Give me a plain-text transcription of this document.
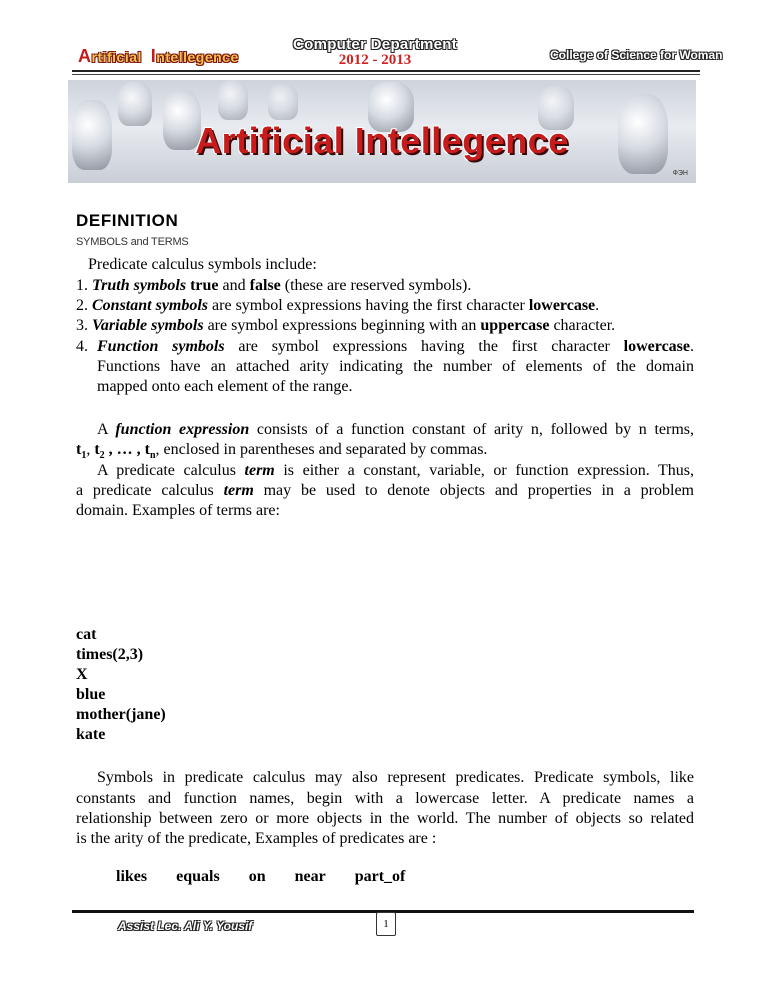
Artificial Intellegence
Computer Department
2012 - 2013	College of Science for Woman
Artificial Intellegence
ФЭН
DEFINITION
SYMBOLS and TERMS
Predicate calculus symbols include:
1. Truth symbols true and false (these are reserved symbols).
2. Constant symbols are symbol expressions having the first character lowercase.
3. Variable symbols are symbol expressions beginning with an uppercase character.
4. Function symbols are symbol expressions having the first character lowercase.
Functions have an attached arity indicating the number of elements of the domain
mapped onto each element of the range.
A function expression consists of a function constant of arity n, followed by n terms,
$t_1$, $t_2$ , … , $t_n$, enclosed in parentheses and separated by commas.
A predicate calculus term is either a constant, variable, or function expression. Thus,
a predicate calculus term may be used to denote objects and properties in a problem
domain. Examples of terms are:
cat
times(2,3)
X
blue
mother(jane)
kate
Symbols in predicate calculus may also represent predicates. Predicate symbols, like
constants and function names, begin with a lowercase letter. A predicate names a
relationship between zero or more objects in the world. The number of objects so related
is the arity of the predicate, Examples of predicates are :
likes equals on near part_of
Assist Lec. Ali Y. Yousif	1
